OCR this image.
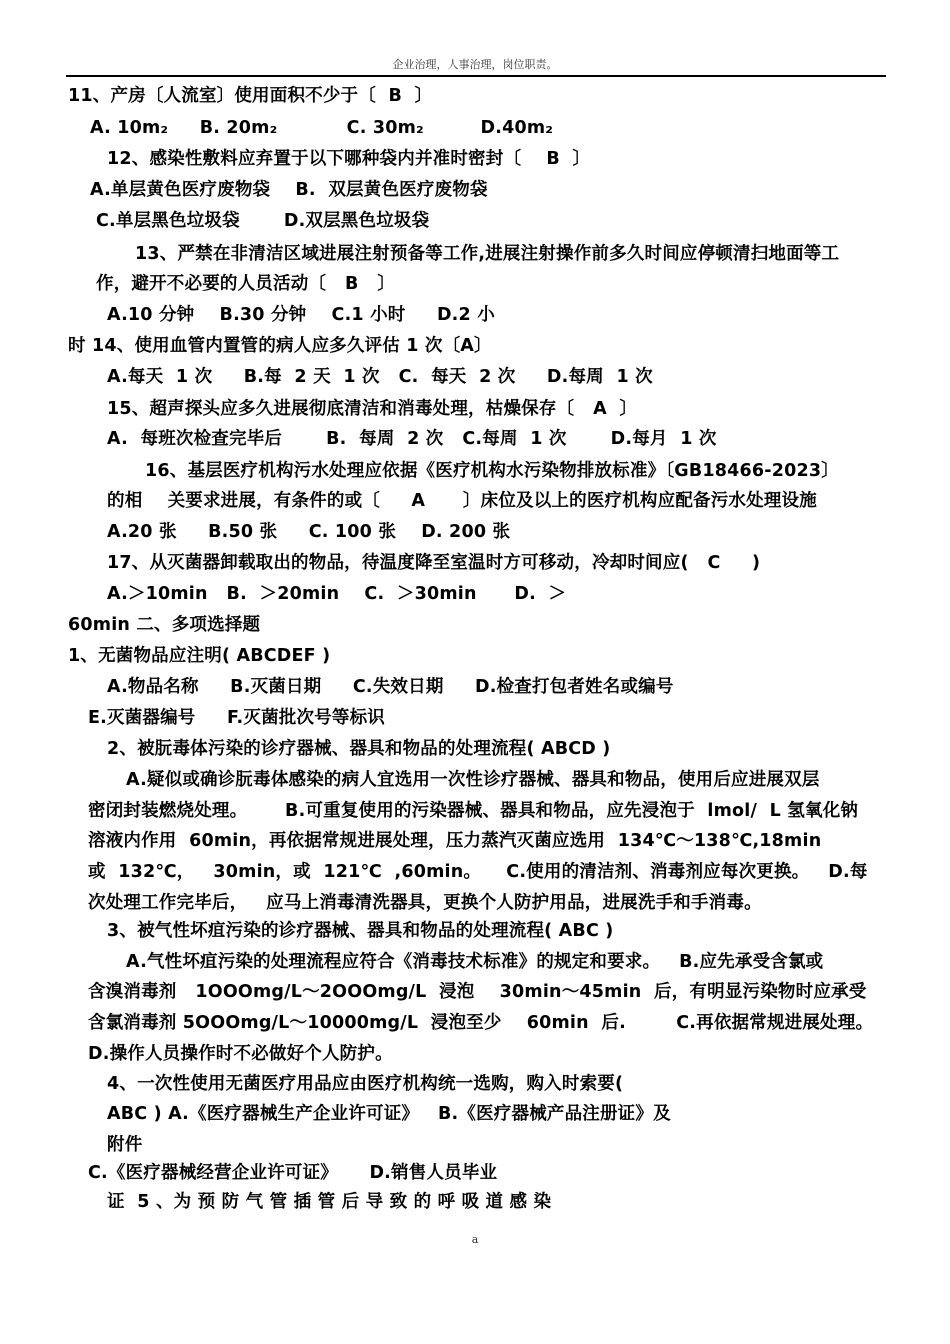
企业治理，人事治理，岗位职责。
11、产房〔人流室〕使用面积不少于〔  B  〕
A. 10m₂     B. 20m₂           C. 30m₂         D.40m₂
12、感染性敷料应弃置于以下哪种袋内并准时密封〔    B  〕
A.单层黄色医疗废物袋    B.  双层黄色医疗废物袋
C.单层黑色垃圾袋       D.双层黑色垃圾袋
13、严禁在非清洁区域进展注射预备等工作,进展注射操作前多久时间应停顿清扫地面等工
作，避开不必要的人员活动〔   B   〕
A.10 分钟    B.30 分钟    C.1 小时     D.2 小
时 14、使用血管内置管的病人应多久评估 1 次〔A〕
A.每天  1 次     B.每  2 天  1 次   C.  每天  2 次     D.每周  1 次
15、超声探头应多久进展彻底清洁和消毒处理，枯燥保存〔   A  〕
A.  每班次检查完毕后       B.  每周  2 次   C.每周  1 次       D.每月  1 次
16、基层医疗机构污水处理应依据《医疗机构水污染物排放标准》〔GB18466-2023〕
的相    关要求进展，有条件的或〔     A      〕床位及以上的医疗机构应配备污水处理设施
A.20 张     B.50 张     C. 100 张    D. 200 张
17、从灭菌器卸载取出的物品，待温度降至室温时方可移动，冷却时间应(   C     )
A.＞10min   B.  ＞20min    C.  ＞30min      D.  ＞
60min 二、多项选择题
1、无菌物品应注明( ABCDEF )
A.物品名称     B.灭菌日期     C.失效日期     D.检查打包者姓名或编号
E.灭菌器编号     F.灭菌批次号等标识
2、被朊毒体污染的诊疗器械、器具和物品的处理流程( ABCD )
A.疑似或确诊朊毒体感染的病人宜选用一次性诊疗器械、器具和物品，使用后应进展双层
密闭封装燃烧处理。      B.可重复使用的污染器械、器具和物品，应先浸泡于  lmol/  L 氢氧化钠
溶液内作用  60min，再依据常规进展处理，压力蒸汽灭菌应选用  134℃～138℃,18min
或  132℃，   30min，或  121℃  ,60min。    C.使用的清洁剂、消毒剂应每次更换。   D.每
次处理工作完毕后，   应马上消毒清洗器具，更换个人防护用品，进展洗手和手消毒。
3、被气性坏疽污染的诊疗器械、器具和物品的处理流程( ABC )
A.气性坏疽污染的处理流程应符合《消毒技术标准》的规定和要求。   B.应先承受含氯或
含溴消毒剂   1OOOmg/L～2OOOmg/L  浸泡    30min～45min  后，有明显污染物时应承受
含氯消毒剂 5OOOmg/L～10000mg/L  浸泡至少    60min  后.        C.再依据常规进展处理。
D.操作人员操作时不必做好个人防护。
4、一次性使用无菌医疗用品应由医疗机构统一选购，购入时索要(
ABC ) A.《医疗器械生产企业许可证》   B.《医疗器械产品注册证》及
附件
C.《医疗器械经营企业许可证》     D.销售人员毕业
证  5 、为 预 防 气 管 插 管 后 导 致 的 呼 吸 道 感 染
a
